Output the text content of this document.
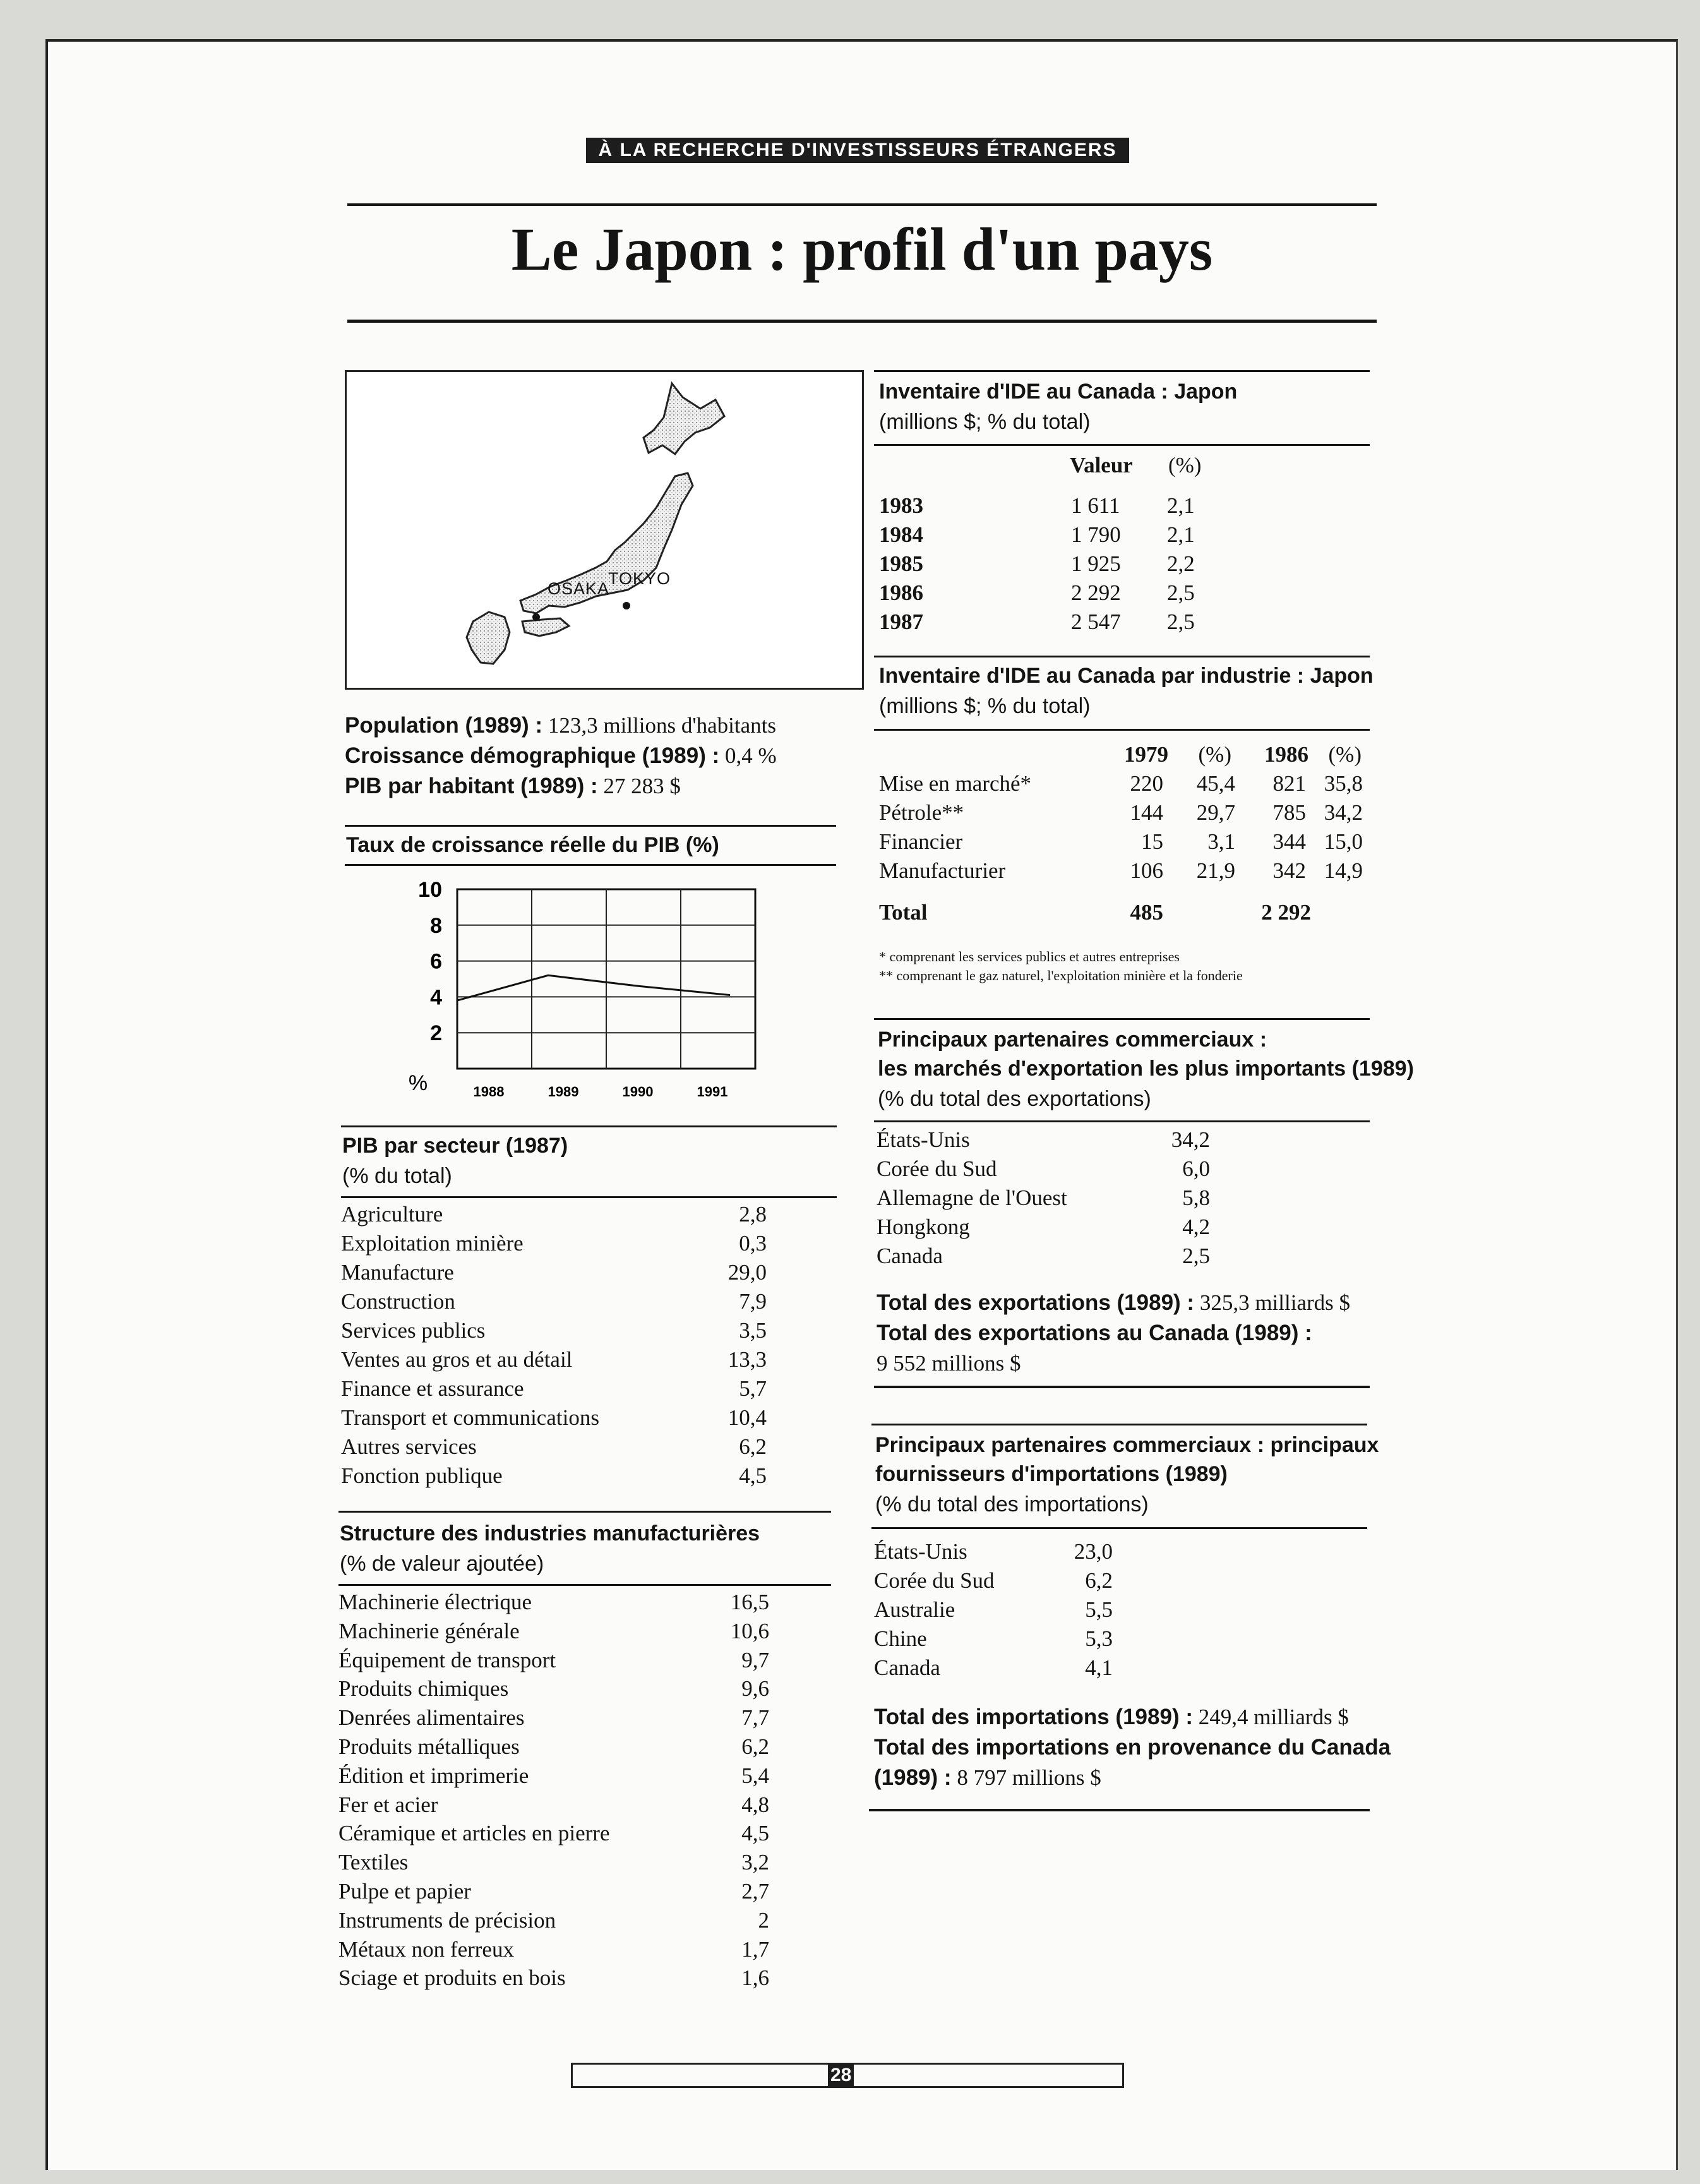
À LA RECHERCHE D'INVESTISSEURS ÉTRANGERS
Le Japon : profil d'un pays
TOKYO
OSAKA
Population (1989) : 123,3 millions d'habitants
Croissance démographique (1989) : 0,4 %
PIB par habitant (1989) : 27 283 $
Taux de croissance réelle du PIB (%)
10
8
6
4
2
1988	1989	1990	1991
%
PIB par secteur (1987)
(% du total)
Agriculture	2,8
Exploitation minière	0,3
Manufacture	29,0
Construction	7,9
Services publics	3,5
Ventes au gros et au détail	13,3
Finance et assurance	5,7
Transport et communications	10,4
Autres services	6,2
Fonction publique	4,5
Structure des industries manufacturières
(% de valeur ajoutée)
Machinerie électrique	16,5
Machinerie générale	10,6
Équipement de transport	9,7
Produits chimiques	9,6
Denrées alimentaires	7,7
Produits métalliques	6,2
Édition et imprimerie	5,4
Fer et acier	4,8
Céramique et articles en pierre	4,5
Textiles	3,2
Pulpe et papier	2,7
Instruments de précision	2
Métaux non ferreux	1,7
Sciage et produits en bois	1,6
Inventaire d'IDE au Canada : Japon
(millions $; % du total)
Valeur (%)
1983	1 611 2,1
1984	1 790 2,1
1985	1 925 2,2
1986	2 292 2,5
1987	2 547 2,5
Inventaire d'IDE au Canada par industrie : Japon
(millions $; % du total)
1979	(%)	1986 (%)
Mise en marché*	220	45,4	821 35,8
Pétrole**	144	29,7	785 34,2
Financier	15	3,1	344 15,0
Manufacturier	106	21,9	342 14,9
Total	485	2 292
* comprenant les services publics et autres entreprises
** comprenant le gaz naturel, l'exploitation minière et la fonderie
Principaux partenaires commerciaux :
les marchés d'exportation les plus importants (1989)
(% du total des exportations)
États-Unis	34,2
Corée du Sud	6,0
Allemagne de l'Ouest	5,8
Hongkong	4,2
Canada	2,5
Total des exportations (1989) : 325,3 milliards $
Total des exportations au Canada (1989) :
9 552 millions $
Principaux partenaires commerciaux : principaux
fournisseurs d'importations (1989)
(% du total des importations)
États-Unis	23,0
Corée du Sud	6,2
Australie	5,5
Chine	5,3
Canada	4,1
Total des importations (1989) : 249,4 milliards $
Total des importations en provenance du Canada
(1989) : 8 797 millions $
28
